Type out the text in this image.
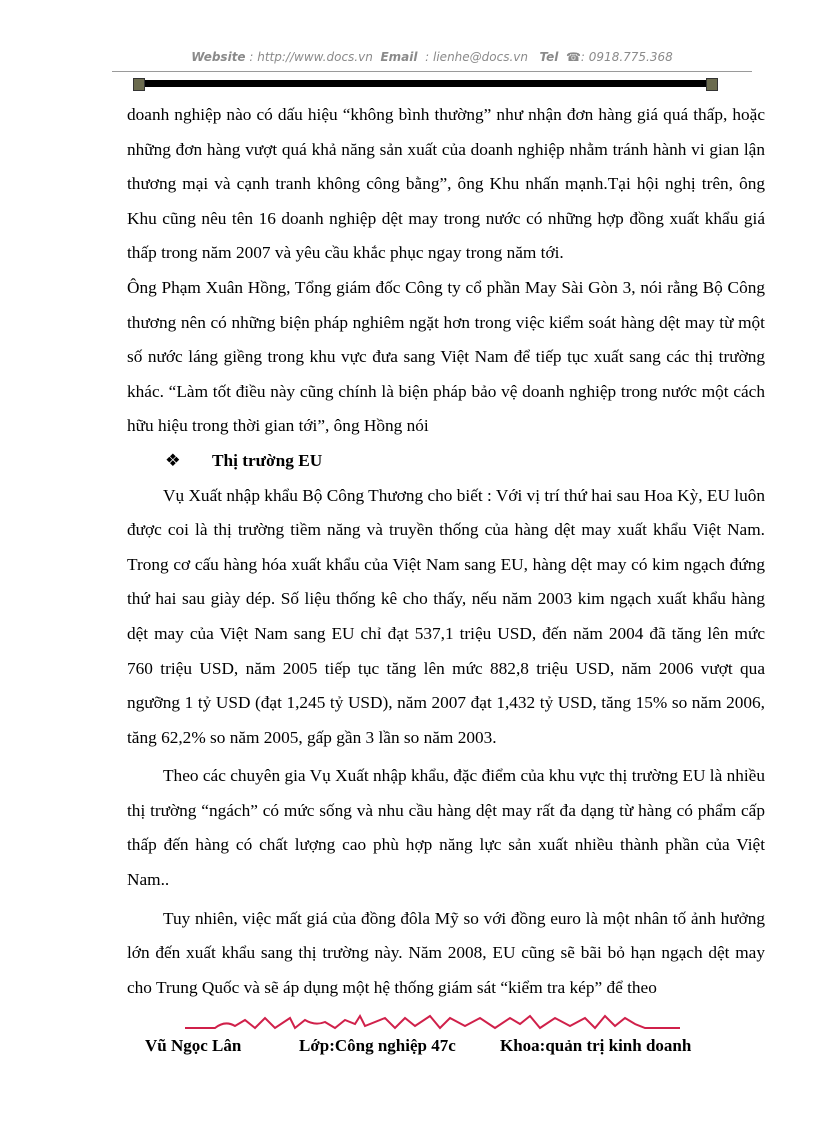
Website : http://www.docs.vn Email : lienhe@docs.vn Tel ☎: 0918.775.368

doanh nghiệp nào có dấu hiệu “không bình thường” như nhận đơn hàng giá quá thấp, hoặc những đơn hàng vượt quá khả năng sản xuất của doanh nghiệp nhằm tránh hành vi gian lận thương mại và cạnh tranh không công bằng”, ông Khu nhấn mạnh.Tại hội nghị trên, ông Khu cũng nêu tên 16 doanh nghiệp dệt may trong nước có những hợp đồng xuất khẩu giá thấp trong năm 2007 và yêu cầu khắc phục ngay trong năm tới.

Ông Phạm Xuân Hồng, Tổng giám đốc Công ty cổ phần May Sài Gòn 3, nói rằng Bộ Công thương nên có những biện pháp nghiêm ngặt hơn trong việc kiểm soát hàng dệt may từ một số nước láng giềng trong khu vực đưa sang Việt Nam để tiếp tục xuất sang các thị trường khác. “Làm tốt điều này cũng chính là biện pháp bảo vệ doanh nghiệp trong nước một cách hữu hiệu trong thời gian tới”, ông Hồng nói

❖ Thị trường EU

Vụ Xuất nhập khẩu Bộ Công Thương cho biết : Với vị trí thứ hai sau Hoa Kỳ, EU luôn được coi là thị trường tiềm năng và truyền thống của hàng dệt may xuất khẩu Việt Nam. Trong cơ cấu hàng hóa xuất khẩu của Việt Nam sang EU, hàng dệt may có kim ngạch đứng thứ hai sau giày dép. Số liệu thống kê cho thấy, nếu năm 2003 kim ngạch xuất khẩu hàng dệt may của Việt Nam sang EU chỉ đạt 537,1 triệu USD, đến năm 2004 đã tăng lên mức 760 triệu USD, năm 2005 tiếp tục tăng lên mức 882,8 triệu USD, năm 2006 vượt qua ngưỡng 1 tỷ USD (đạt 1,245 tỷ USD), năm 2007 đạt 1,432 tỷ USD, tăng 15% so năm 2006, tăng 62,2% so năm 2005, gấp gần 3 lần so năm 2003.

Theo các chuyên gia Vụ Xuất nhập khẩu, đặc điểm của khu vực thị trường EU là nhiều thị trường “ngách” có mức sống và nhu cầu hàng dệt may rất đa dạng từ hàng có phẩm cấp thấp đến hàng có chất lượng cao phù hợp năng lực sản xuất nhiều thành phần của Việt Nam..

Tuy nhiên, việc mất giá của đồng đôla Mỹ so với đồng euro là một nhân tố ảnh hưởng lớn đến xuất khẩu sang thị trường này. Năm 2008, EU cũng sẽ bãi bỏ hạn ngạch dệt may cho Trung Quốc và sẽ áp dụng một hệ thống giám sát “kiểm tra kép” để theo

Vũ Ngọc Lân	Lớp:Công nghiệp 47c	Khoa:quản trị kinh doanh
